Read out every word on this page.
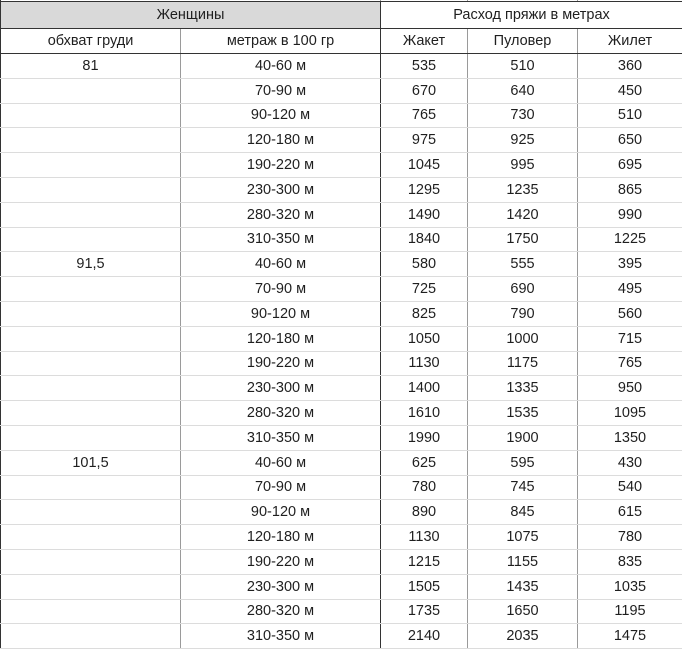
Женщины		Расход пряжи в метрах		
обхват груди	метраж в 100 гр	Жакет	Пуловер	Жилет
81	40-60 м	535	510	360
	70-90 м	670	640	450
	90-120 м	765	730	510
	120-180 м	975	925	650
	190-220 м	1045	995	695
	230-300 м	1295	1235	865
	280-320 м	1490	1420	990
	310-350 м	1840	1750	1225
91,5	40-60 м	580	555	395
	70-90 м	725	690	495
	90-120 м	825	790	560
	120-180 м	1050	1000	715
	190-220 м	1130	1175	765
	230-300 м	1400	1335	950
	280-320 м	1610	1535	1095
	310-350 м	1990	1900	1350
101,5	40-60 м	625	595	430
	70-90 м	780	745	540
	90-120 м	890	845	615
	120-180 м	1130	1075	780
	190-220 м	1215	1155	835
	230-300 м	1505	1435	1035
	280-320 м	1735	1650	1195
	310-350 м	2140	2035	1475
